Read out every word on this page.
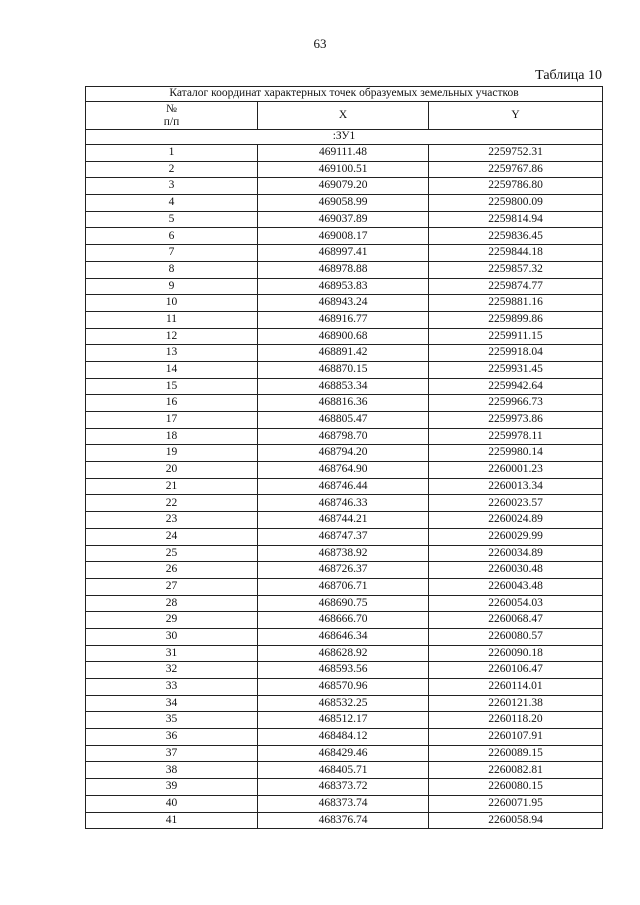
63
Таблица 10
Каталог координат характерных точек образуемых земельных участков		
№
п/п	X	Y
:ЗУ1		
1	469111.48	2259752.31
2	469100.51	2259767.86
3	469079.20	2259786.80
4	469058.99	2259800.09
5	469037.89	2259814.94
6	469008.17	2259836.45
7	468997.41	2259844.18
8	468978.88	2259857.32
9	468953.83	2259874.77
10	468943.24	2259881.16
11	468916.77	2259899.86
12	468900.68	2259911.15
13	468891.42	2259918.04
14	468870.15	2259931.45
15	468853.34	2259942.64
16	468816.36	2259966.73
17	468805.47	2259973.86
18	468798.70	2259978.11
19	468794.20	2259980.14
20	468764.90	2260001.23
21	468746.44	2260013.34
22	468746.33	2260023.57
23	468744.21	2260024.89
24	468747.37	2260029.99
25	468738.92	2260034.89
26	468726.37	2260030.48
27	468706.71	2260043.48
28	468690.75	2260054.03
29	468666.70	2260068.47
30	468646.34	2260080.57
31	468628.92	2260090.18
32	468593.56	2260106.47
33	468570.96	2260114.01
34	468532.25	2260121.38
35	468512.17	2260118.20
36	468484.12	2260107.91
37	468429.46	2260089.15
38	468405.71	2260082.81
39	468373.72	2260080.15
40	468373.74	2260071.95
41	468376.74	2260058.94
